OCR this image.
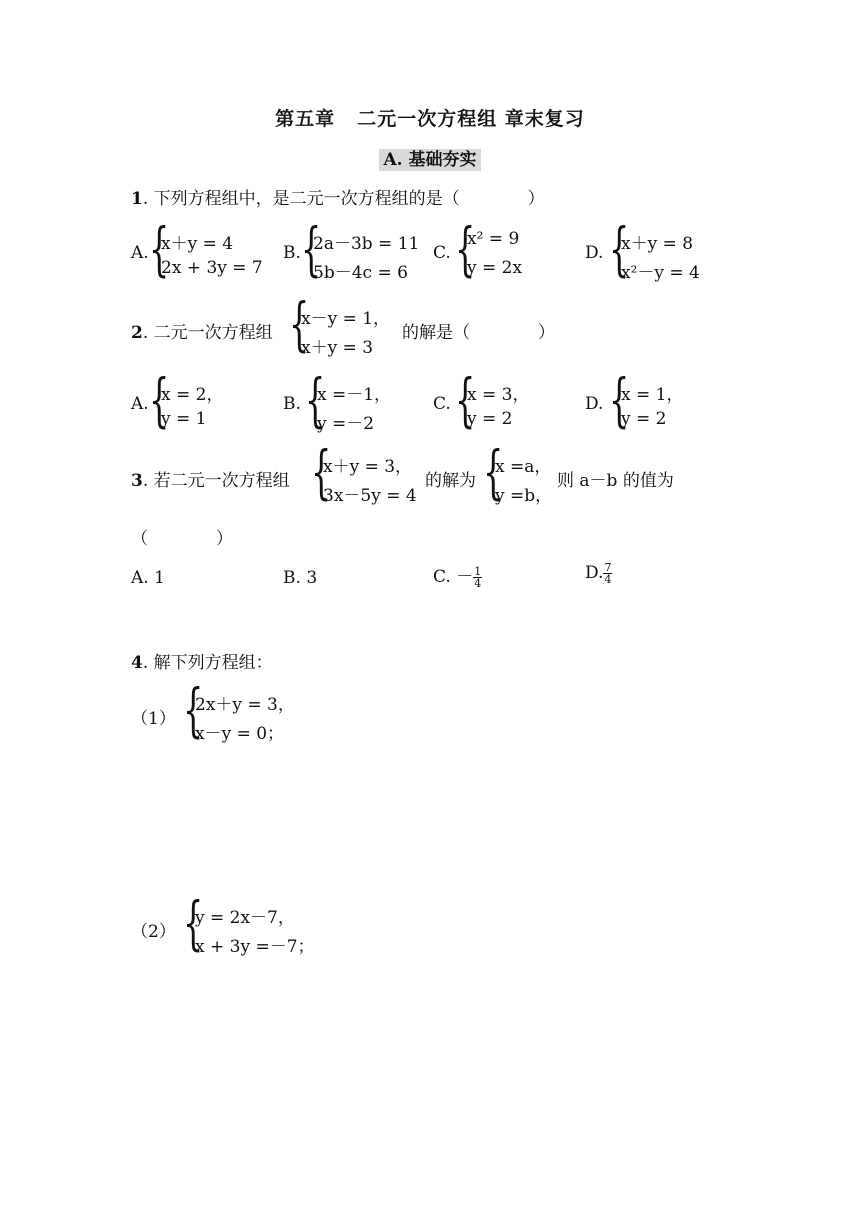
第五章 二元一次方程组 章末复习
A. 基础夯实
1. 下列方程组中，是二元一次方程组的是（　　　　）
A. {
x＋y = 4
2x + 3y = 7
B. {
2a－3b = 11
5b－4c = 6
C. {
x² = 9
y = 2x
D. {
x＋y = 8
x²－y = 4
2. 二元一次方程组 {
x－y = 1，
x＋y = 3
的解是（　　　　）
A. {
x = 2，
y = 1
B. {
x =－1，
y =－2
C. {
x = 3，
y = 2
D. {
x = 1，
y = 2
3. 若二元一次方程组 {
x＋y = 3，
3x－5y = 4
的解为 {
x =a，
y =b，
则 a－b 的值为
（　　　　）
A. 1	B. 3	C. － $\frac{1}{4}$	D. $\frac{7}{4}$
4. 解下列方程组：
（1） {
2x＋y = 3，
x－y = 0；
（2） {
y = 2x－7，
x + 3y =－7；
